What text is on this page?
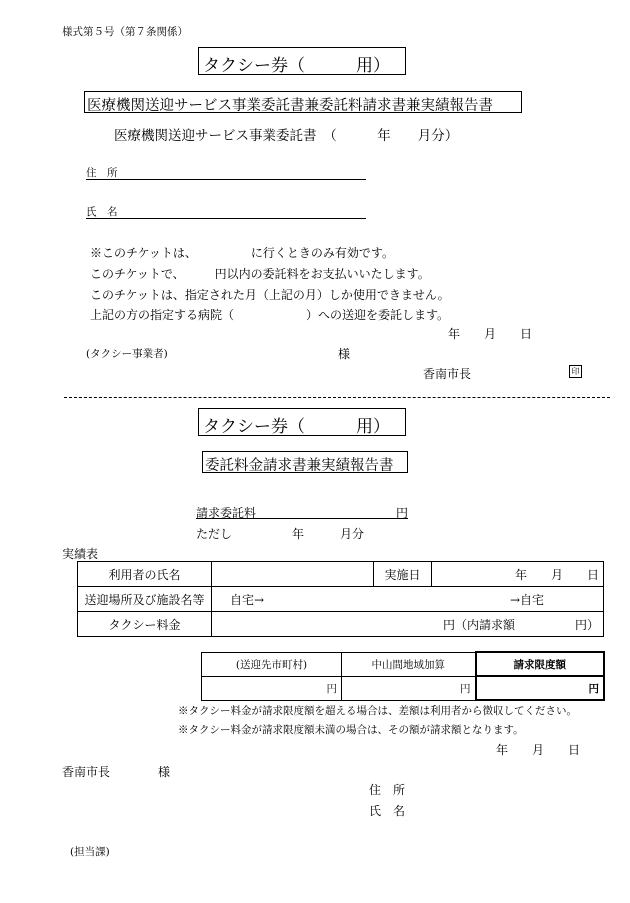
様式第５号（第７条関係）
タクシー券（　　　用）
医療機関送迎サービス事業委託書兼委託料請求書兼実績報告書
医療機関送迎サービス事業委託書　（　　　年　　月分）
住　所
氏　名
※このチケットは、　　　　　に行くときのみ有効です。
このチケットで、　　　円以内の委託料をお支払いいたします。
このチケットは、指定された月（上記の月）しか使用できません。
上記の方の指定する病院（　　　　　　）への送迎を委託します。
年　　月　　日
(タクシー事業者)	様
香南市長	印
タクシー券（　　　用）
委託料金請求書兼実績報告書
請求委託料	円
ただし　　　　　年　　　月分
実績表
利用者の氏名		実施日	年　　月　　日
送迎場所及び施設名等	自宅→ →自宅		

タクシー料金	円（内請求額　　　　　円）		
(送迎先市町村)	中山間地域加算	請求限度額
円	円	円
※タクシー料金が請求限度額を超える場合は、差額は利用者から徴収してください。
※タクシー料金が請求限度額未満の場合は、その額が請求額となります。
年　　月　　日
香南市長	様
住　所
氏　名
(担当課)
